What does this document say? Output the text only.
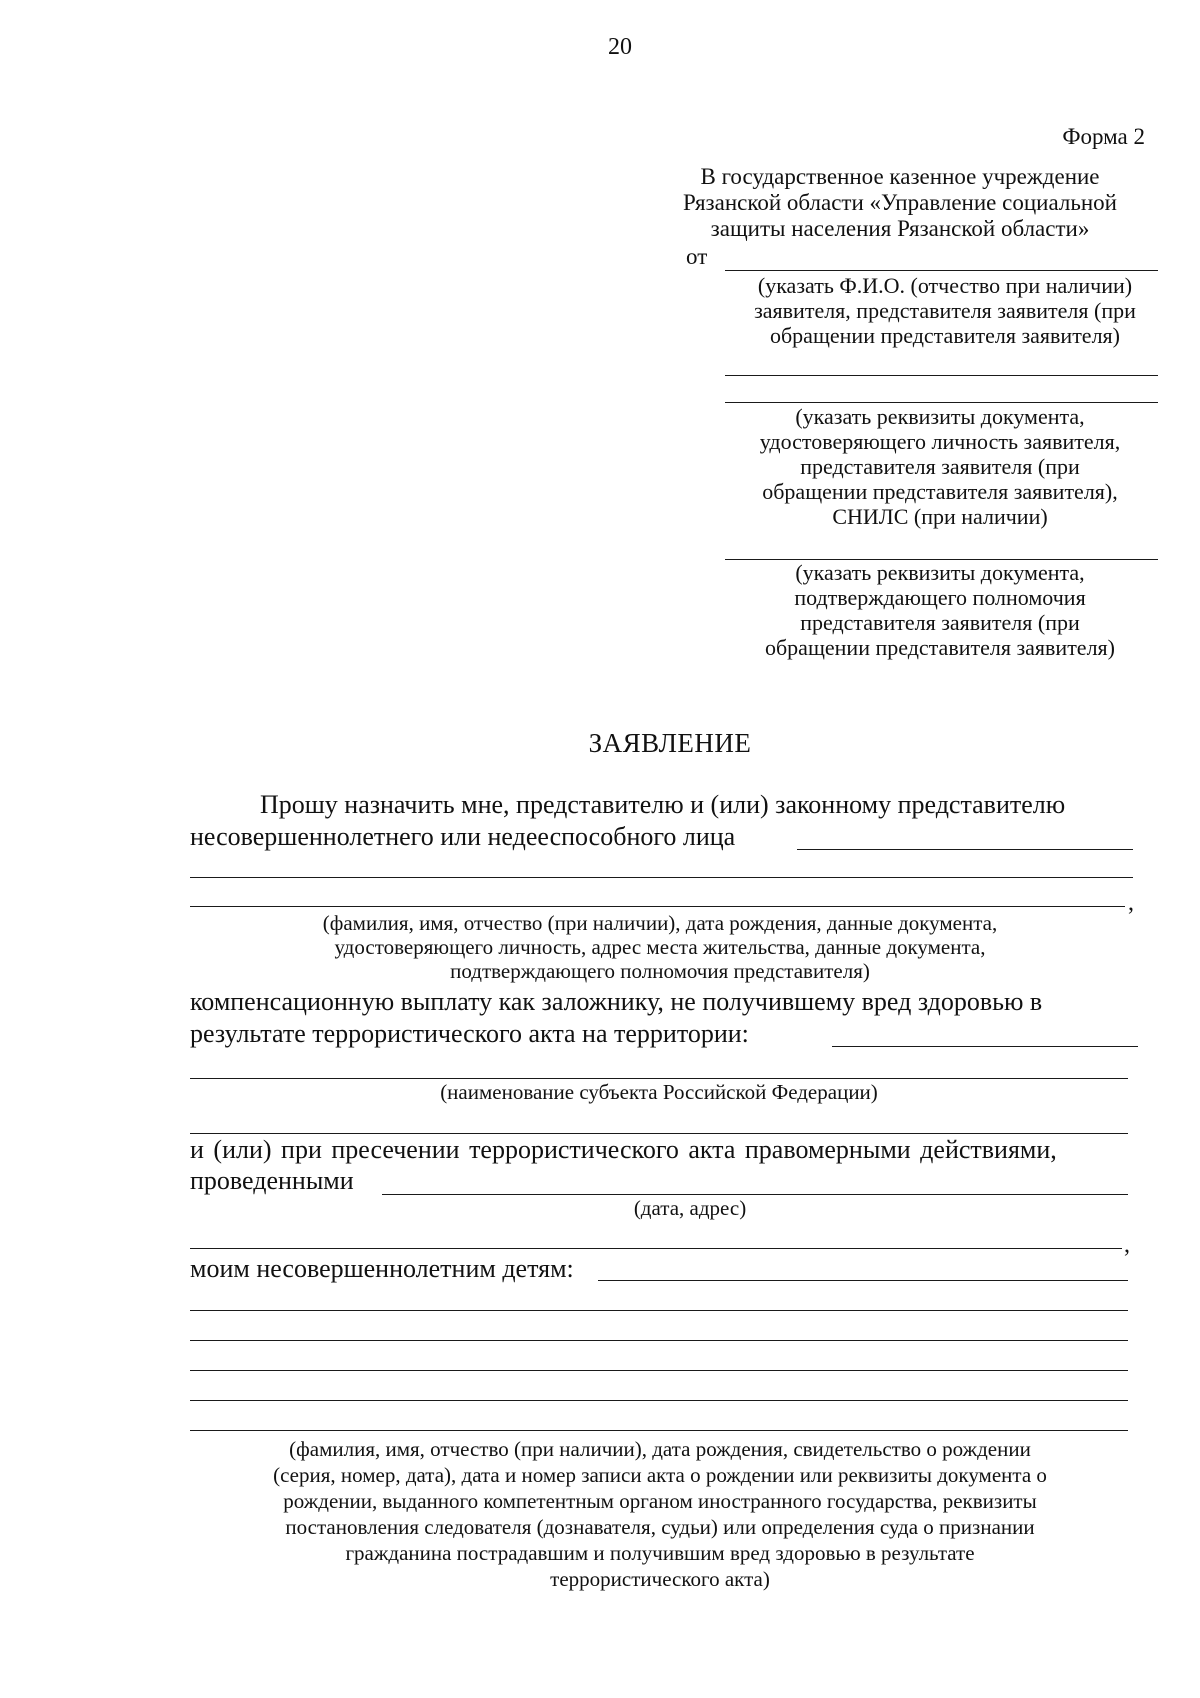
20
Форма 2
В государственное казенное учреждение
Рязанской области «Управление социальной
защиты населения Рязанской области»
от
(указать Ф.И.О. (отчество при наличии)
заявителя, представителя заявителя (при
обращении представителя заявителя)
(указать реквизиты документа,
удостоверяющего личность заявителя,
представителя заявителя (при
обращении представителя заявителя),
СНИЛС (при наличии)
(указать реквизиты документа,
подтверждающего полномочия
представителя заявителя (при
обращении представителя заявителя)
ЗАЯВЛЕНИЕ
Прошу назначить мне, представителю и (или) законному представителю
несовершеннолетнего или недееспособного лица
,
(фамилия, имя, отчество (при наличии), дата рождения, данные документа,
удостоверяющего личность, адрес места жительства, данные документа,
подтверждающего полномочия представителя)
компенсационную выплату как заложнику, не получившему вред здоровью в
результате террористического акта на территории:
(наименование субъекта Российской Федерации)
и (или) при пресечении террористического акта правомерными действиями,
проведенными
(дата, адрес)
,
моим несовершеннолетним детям:
(фамилия, имя, отчество (при наличии), дата рождения, свидетельство о рождении
(серия, номер, дата), дата и номер записи акта о рождении или реквизиты документа о
рождении, выданного компетентным органом иностранного государства, реквизиты
постановления следователя (дознавателя, судьи) или определения суда о признании
гражданина пострадавшим и получившим вред здоровью в результате
террористического акта)
